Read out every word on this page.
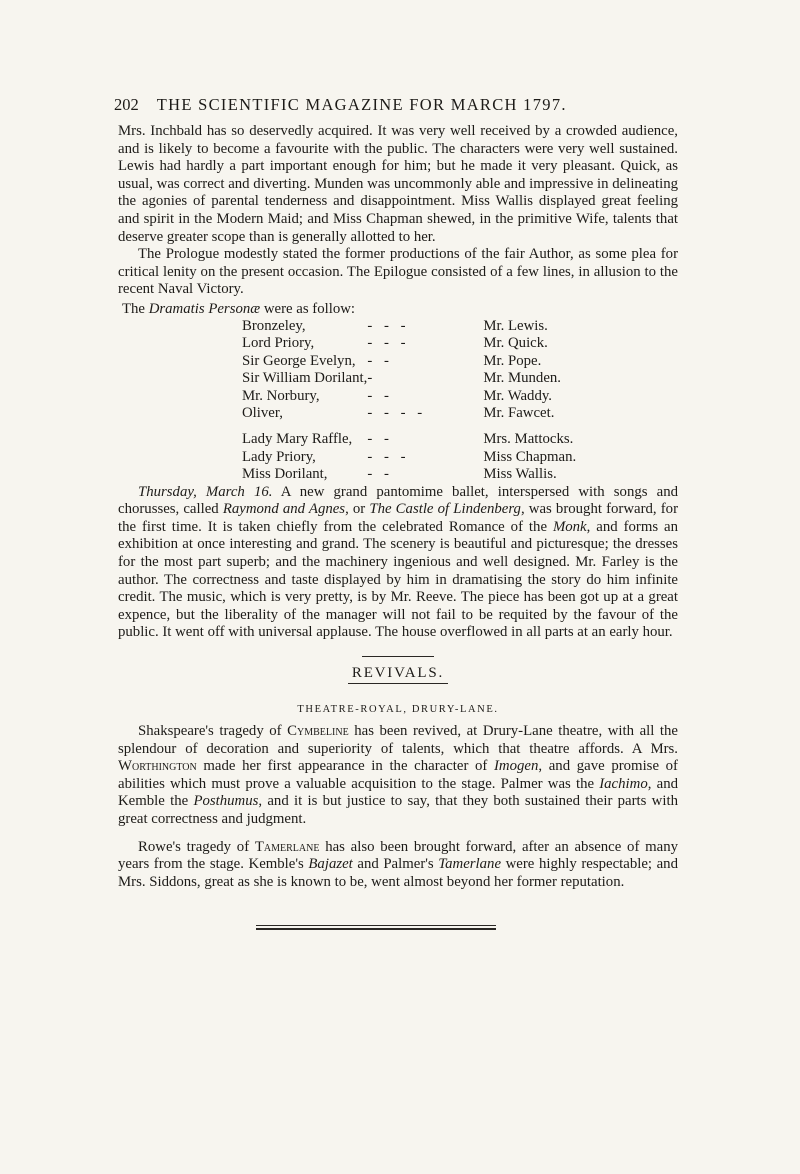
202 THE SCIENTIFIC MAGAZINE FOR MARCH 1797.

Mrs. Inchbald has so deservedly acquired. It was very well received by a crowded audience, and is likely to become a favourite with the public. The characters were very well sustained. Lewis had hardly a part important enough for him; but he made it very pleasant. Quick, as usual, was correct and diverting. Munden was uncommonly able and impressive in delineating the agonies of parental tenderness and disappointment. Miss Wallis displayed great feeling and spirit in the Modern Maid; and Miss Chapman shewed, in the primitive Wife, talents that deserve greater scope than is generally allotted to her.

The Prologue modestly stated the former productions of the fair Author, as some plea for critical lenity on the present occasion. The Epilogue consisted of a few lines, in allusion to the recent Naval Victory.

The Dramatis Personæ were as follow:

Bronzeley,	- - -	Mr. Lewis.
Lord Priory,	- - -	Mr. Quick.
Sir George Evelyn,	- -	Mr. Pope.
Sir William Dorilant,	-	Mr. Munden.
Mr. Norbury,	- -	Mr. Waddy.
Oliver,	- - - -	Mr. Fawcet.

Lady Mary Raffle,	- -	Mrs. Mattocks.
Lady Priory,	- - -	Miss Chapman.
Miss Dorilant,	- -	Miss Wallis.

Thursday, March 16. A new grand pantomime ballet, interspersed with songs and chorusses, called Raymond and Agnes, or The Castle of Lindenberg, was brought forward, for the first time. It is taken chiefly from the celebrated Romance of the Monk, and forms an exhibition at once interesting and grand. The scenery is beautiful and picturesque; the dresses for the most part superb; and the machinery ingenious and well designed. Mr. Farley is the author. The correctness and taste displayed by him in dramatising the story do him infinite credit. The music, which is very pretty, is by Mr. Reeve. The piece has been got up at a great expence, but the liberality of the manager will not fail to be requited by the favour of the public. It went off with universal applause. The house overflowed in all parts at an early hour.

REVIVALS.
THEATRE-ROYAL, DRURY-LANE.

Shakspeare's tragedy of Cymbeline has been revived, at Drury-Lane theatre, with all the splendour of decoration and superiority of talents, which that theatre affords. A Mrs. Worthington made her first appearance in the character of Imogen, and gave promise of abilities which must prove a valuable acquisition to the stage. Palmer was the Iachimo, and Kemble the Posthumus, and it is but justice to say, that they both sustained their parts with great correctness and judgment.

Rowe's tragedy of Tamerlane has also been brought forward, after an absence of many years from the stage. Kemble's Bajazet and Palmer's Tamerlane were highly respectable; and Mrs. Siddons, great as she is known to be, went almost beyond her former reputation.
